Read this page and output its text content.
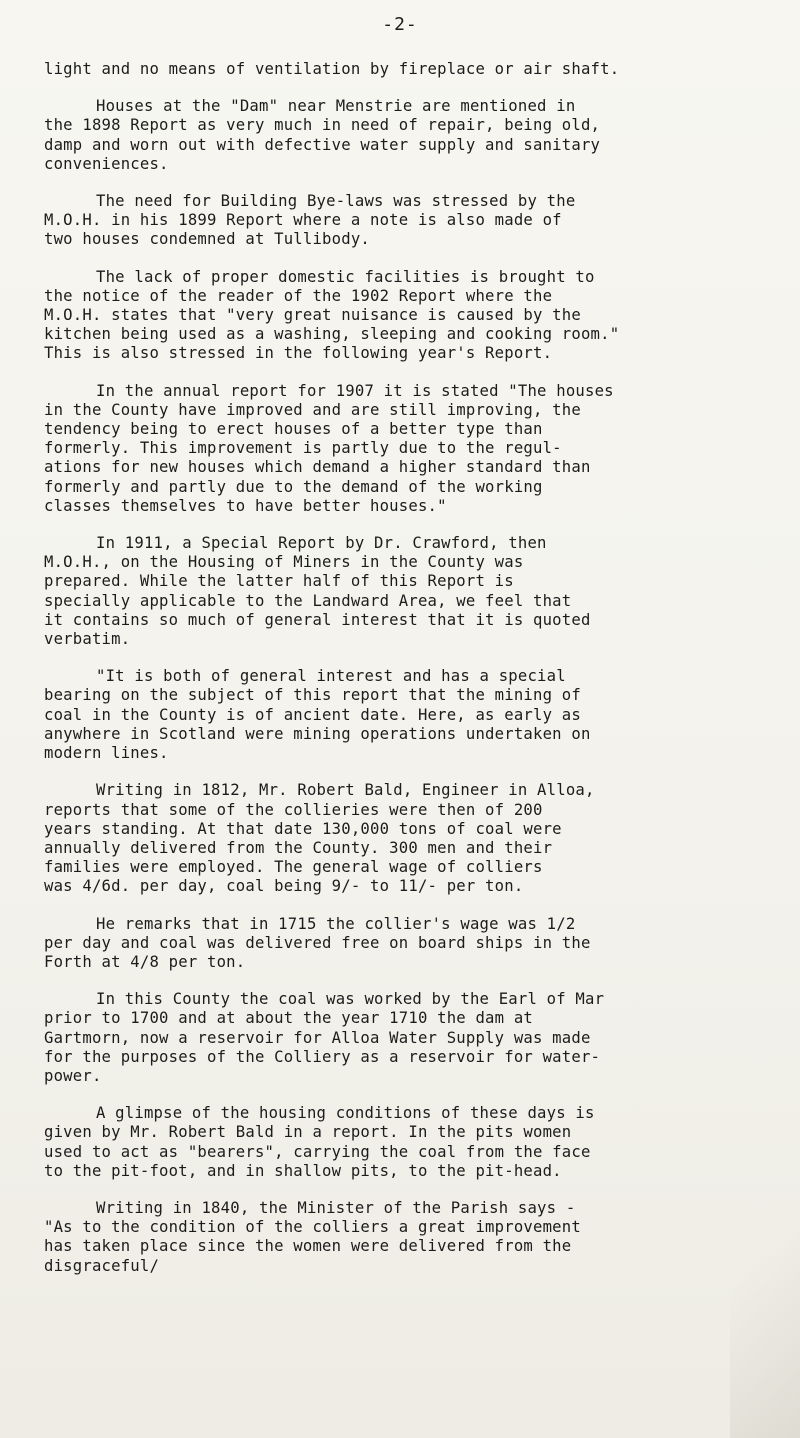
-2-
light and no means of ventilation by fireplace or air shaft.
Houses at the "Dam" near Menstrie are mentioned in
the 1898 Report as very much in need of repair, being old,
damp and worn out with defective water supply and sanitary
conveniences.
The need for Building Bye-laws was stressed by the
M.O.H. in his 1899 Report where a note is also made of
two houses condemned at Tullibody.
The lack of proper domestic facilities is brought to
the notice of the reader of the 1902 Report where the
M.O.H. states that "very great nuisance is caused by the
kitchen being used as a washing, sleeping and cooking room."
This is also stressed in the following year's Report.
In the annual report for 1907 it is stated "The houses
in the County have improved and are still improving, the
tendency being to erect houses of a better type than
formerly. This improvement is partly due to the regul-
ations for new houses which demand a higher standard than
formerly and partly due to the demand of the working
classes themselves to have better houses."
In 1911, a Special Report by Dr. Crawford, then
M.O.H., on the Housing of Miners in the County was
prepared. While the latter half of this Report is
specially applicable to the Landward Area, we feel that
it contains so much of general interest that it is quoted
verbatim.
"It is both of general interest and has a special
bearing on the subject of this report that the mining of
coal in the County is of ancient date. Here, as early as
anywhere in Scotland were mining operations undertaken on
modern lines.
Writing in 1812, Mr. Robert Bald, Engineer in Alloa,
reports that some of the collieries were then of 200
years standing. At that date 130,000 tons of coal were
annually delivered from the County. 300 men and their
families were employed. The general wage of colliers
was 4/6d. per day, coal being 9/- to 11/- per ton.
He remarks that in 1715 the collier's wage was 1/2
per day and coal was delivered free on board ships in the
Forth at 4/8 per ton.
In this County the coal was worked by the Earl of Mar
prior to 1700 and at about the year 1710 the dam at
Gartmorn, now a reservoir for Alloa Water Supply was made
for the purposes of the Colliery as a reservoir for water-
power.
A glimpse of the housing conditions of these days is
given by Mr. Robert Bald in a report. In the pits women
used to act as "bearers", carrying the coal from the face
to the pit-foot, and in shallow pits, to the pit-head.
Writing in 1840, the Minister of the Parish says -
"As to the condition of the colliers a great improvement
has taken place since the women were delivered from the
disgraceful/
